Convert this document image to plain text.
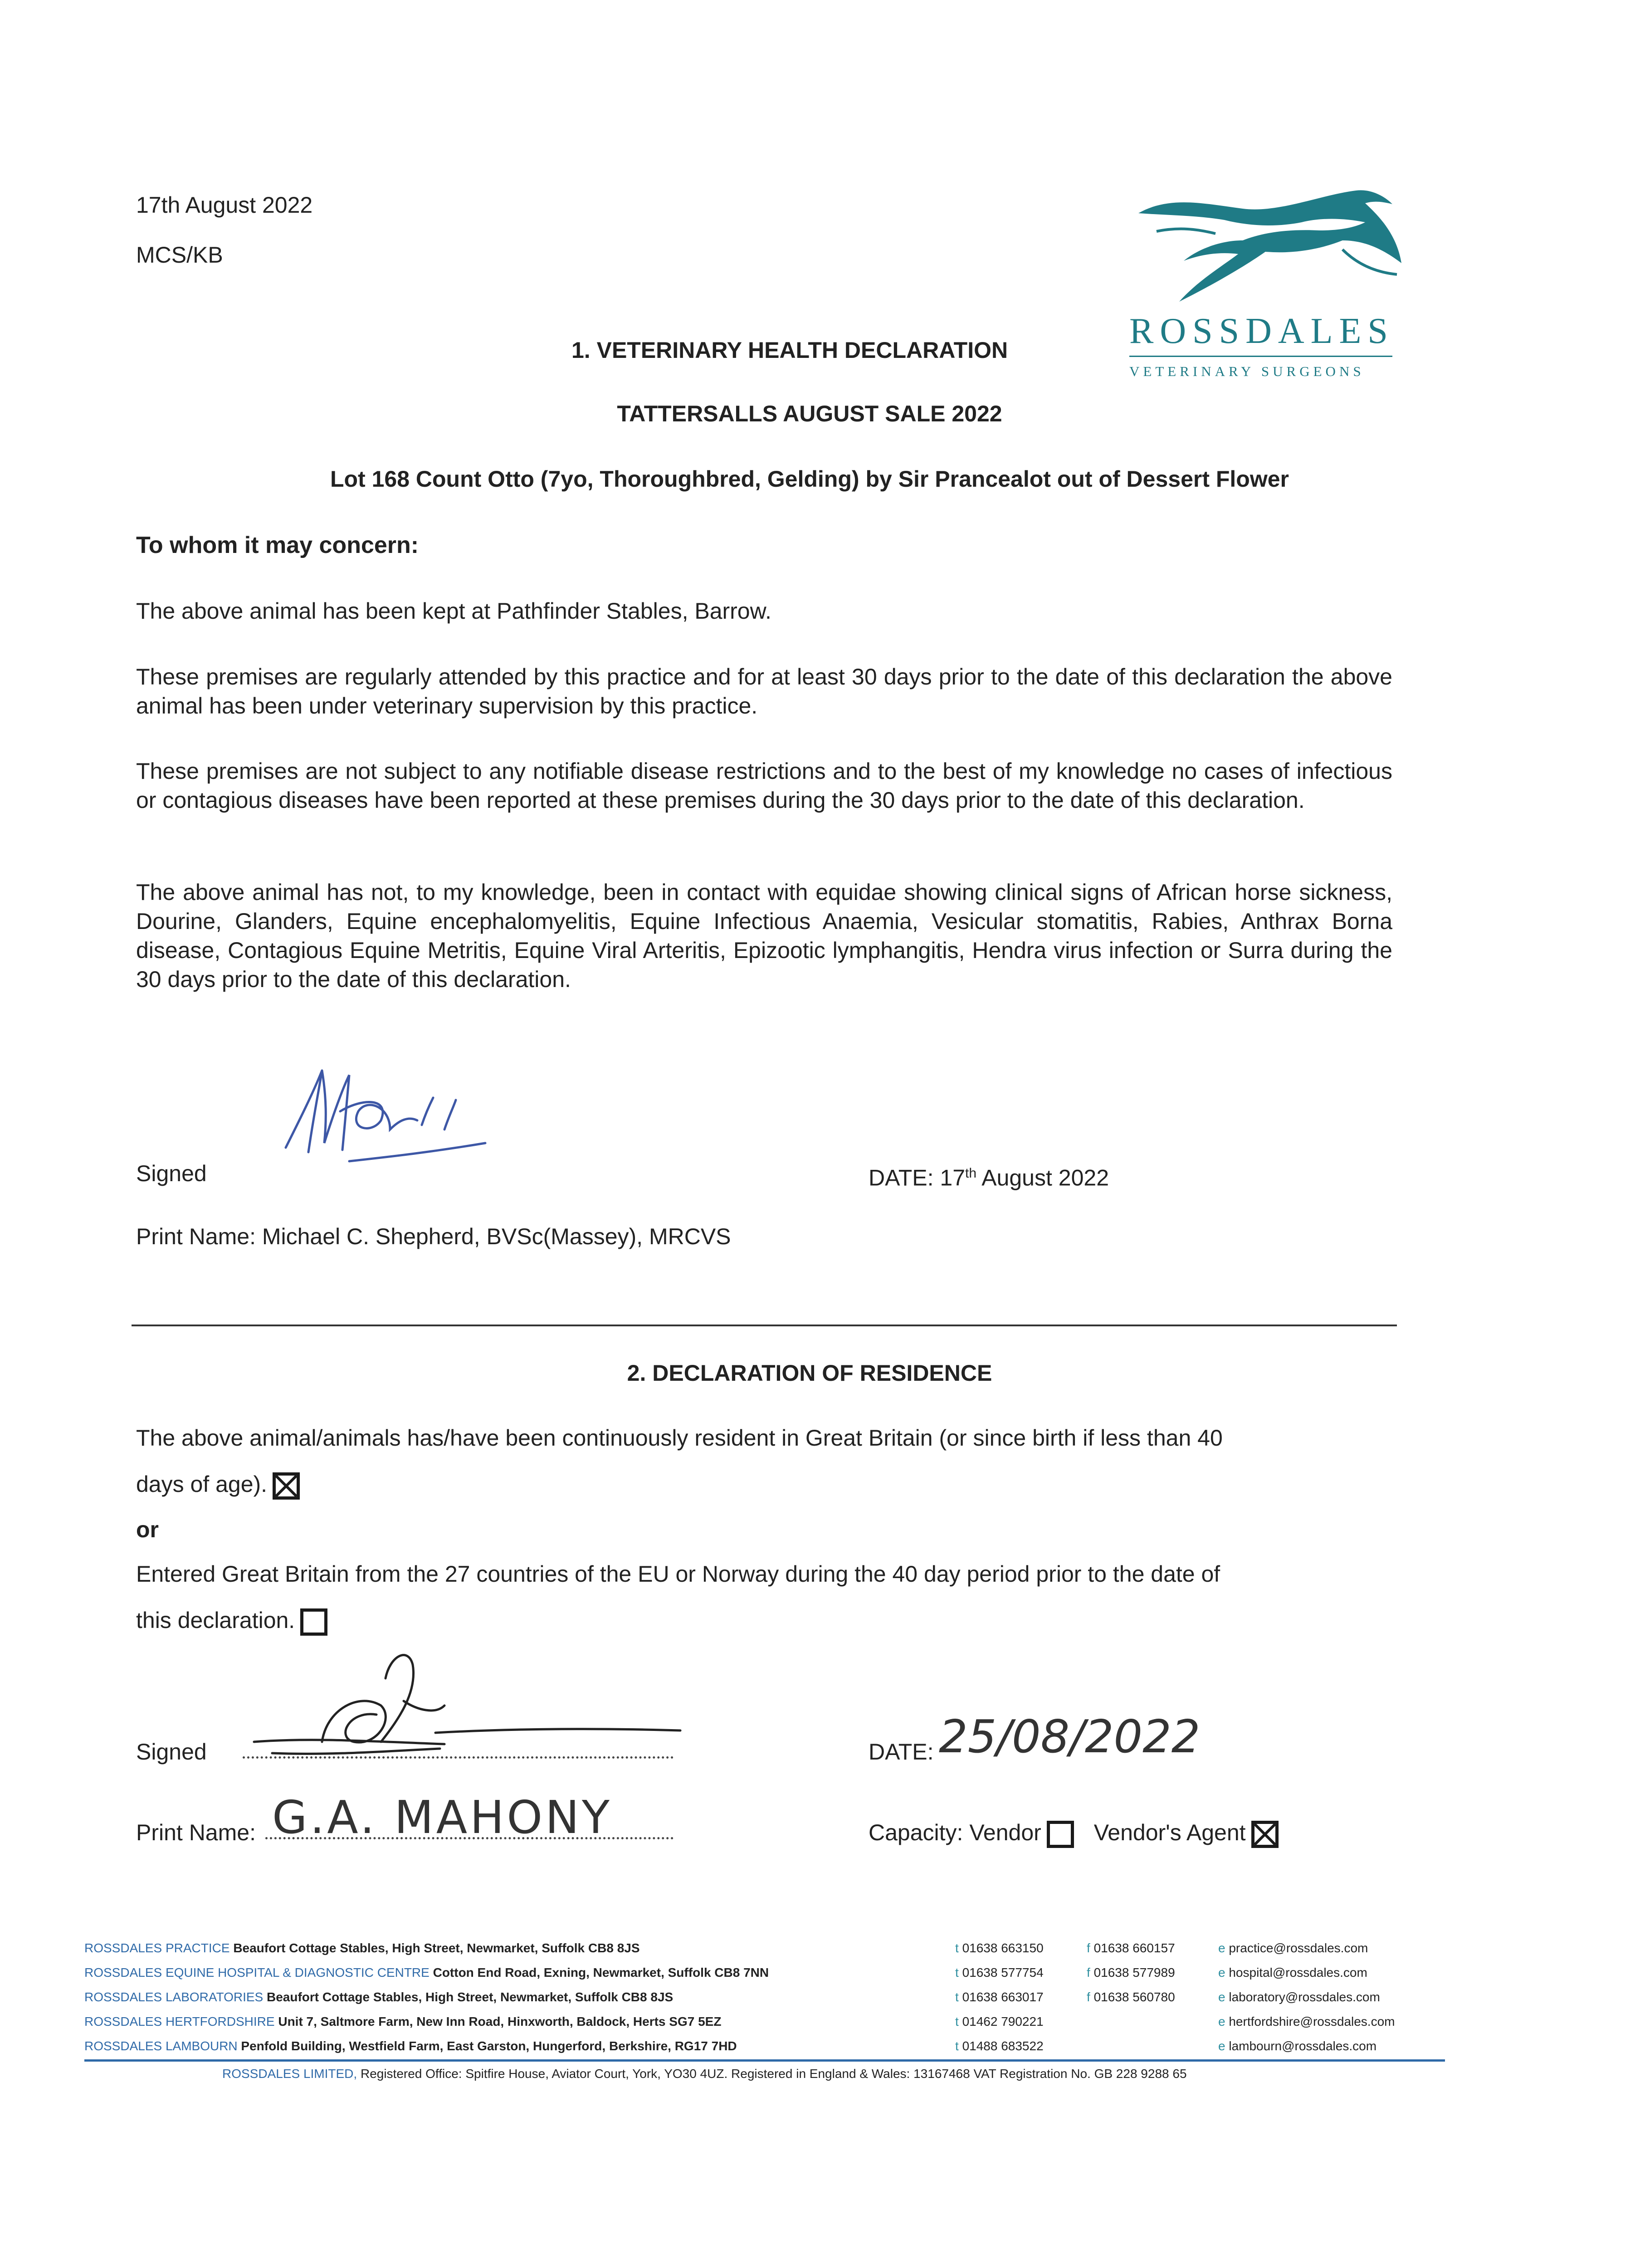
17th August 2022
MCS/KB
ROSSDALES
VETERINARY SURGEONS
1. VETERINARY HEALTH DECLARATION
TATTERSALLS AUGUST SALE 2022
Lot 168 Count Otto (7yo, Thoroughbred, Gelding) by Sir Prancealot out of Dessert Flower
To whom it may concern:
The above animal has been kept at Pathfinder Stables, Barrow.
These premises are regularly attended by this practice and for at least 30 days prior to the date of this declaration the above animal has been under veterinary supervision by this practice.
These premises are not subject to any notifiable disease restrictions and to the best of my knowledge no cases of infectious or contagious diseases have been reported at these premises during the 30 days prior to the date of this declaration.
The above animal has not, to my knowledge, been in contact with equidae showing clinical signs of African horse sickness, Dourine, Glanders, Equine encephalomyelitis, Equine Infectious Anaemia, Vesicular stomatitis, Rabies, Anthrax Borna disease, Contagious Equine Metritis, Equine Viral Arteritis, Epizootic lymphangitis, Hendra virus infection or Surra during the 30 days prior to the date of this declaration.
Signed	DATE: 17th August 2022
Print Name: Michael C. Shepherd, BVSc(Massey), MRCVS
2. DECLARATION OF RESIDENCE
The above animal/animals has/have been continuously resident in Great Britain (or since birth if less than 40
days of age).
or
Entered Great Britain from the 27 countries of the EU or Norway during the 40 day period prior to the date of
this declaration.
Signed	DATE: 25/08/2022
Print Name: G.A. MAHONY	Capacity: Vendor Vendor's Agent
ROSSDALES PRACTICE Beaufort Cottage Stables, High Street, Newmarket, Suffolk CB8 8JS	t 01638 663150	f 01638 660157	e practice@rossdales.com
ROSSDALES EQUINE HOSPITAL & DIAGNOSTIC CENTRE Cotton End Road, Exning, Newmarket, Suffolk CB8 7NN	t 01638 577754	f 01638 577989	e hospital@rossdales.com
ROSSDALES LABORATORIES Beaufort Cottage Stables, High Street, Newmarket, Suffolk CB8 8JS	t 01638 663017	f 01638 560780	e laboratory@rossdales.com
ROSSDALES HERTFORDSHIRE Unit 7, Saltmore Farm, New Inn Road, Hinxworth, Baldock, Herts SG7 5EZ	t 01462 790221	e hertfordshire@rossdales.com
ROSSDALES LAMBOURN Penfold Building, Westfield Farm, East Garston, Hungerford, Berkshire, RG17 7HD	t 01488 683522	e lambourn@rossdales.com
ROSSDALES LIMITED, Registered Office: Spitfire House, Aviator Court, York, YO30 4UZ. Registered in England & Wales: 13167468 VAT Registration No. GB 228 9288 65
